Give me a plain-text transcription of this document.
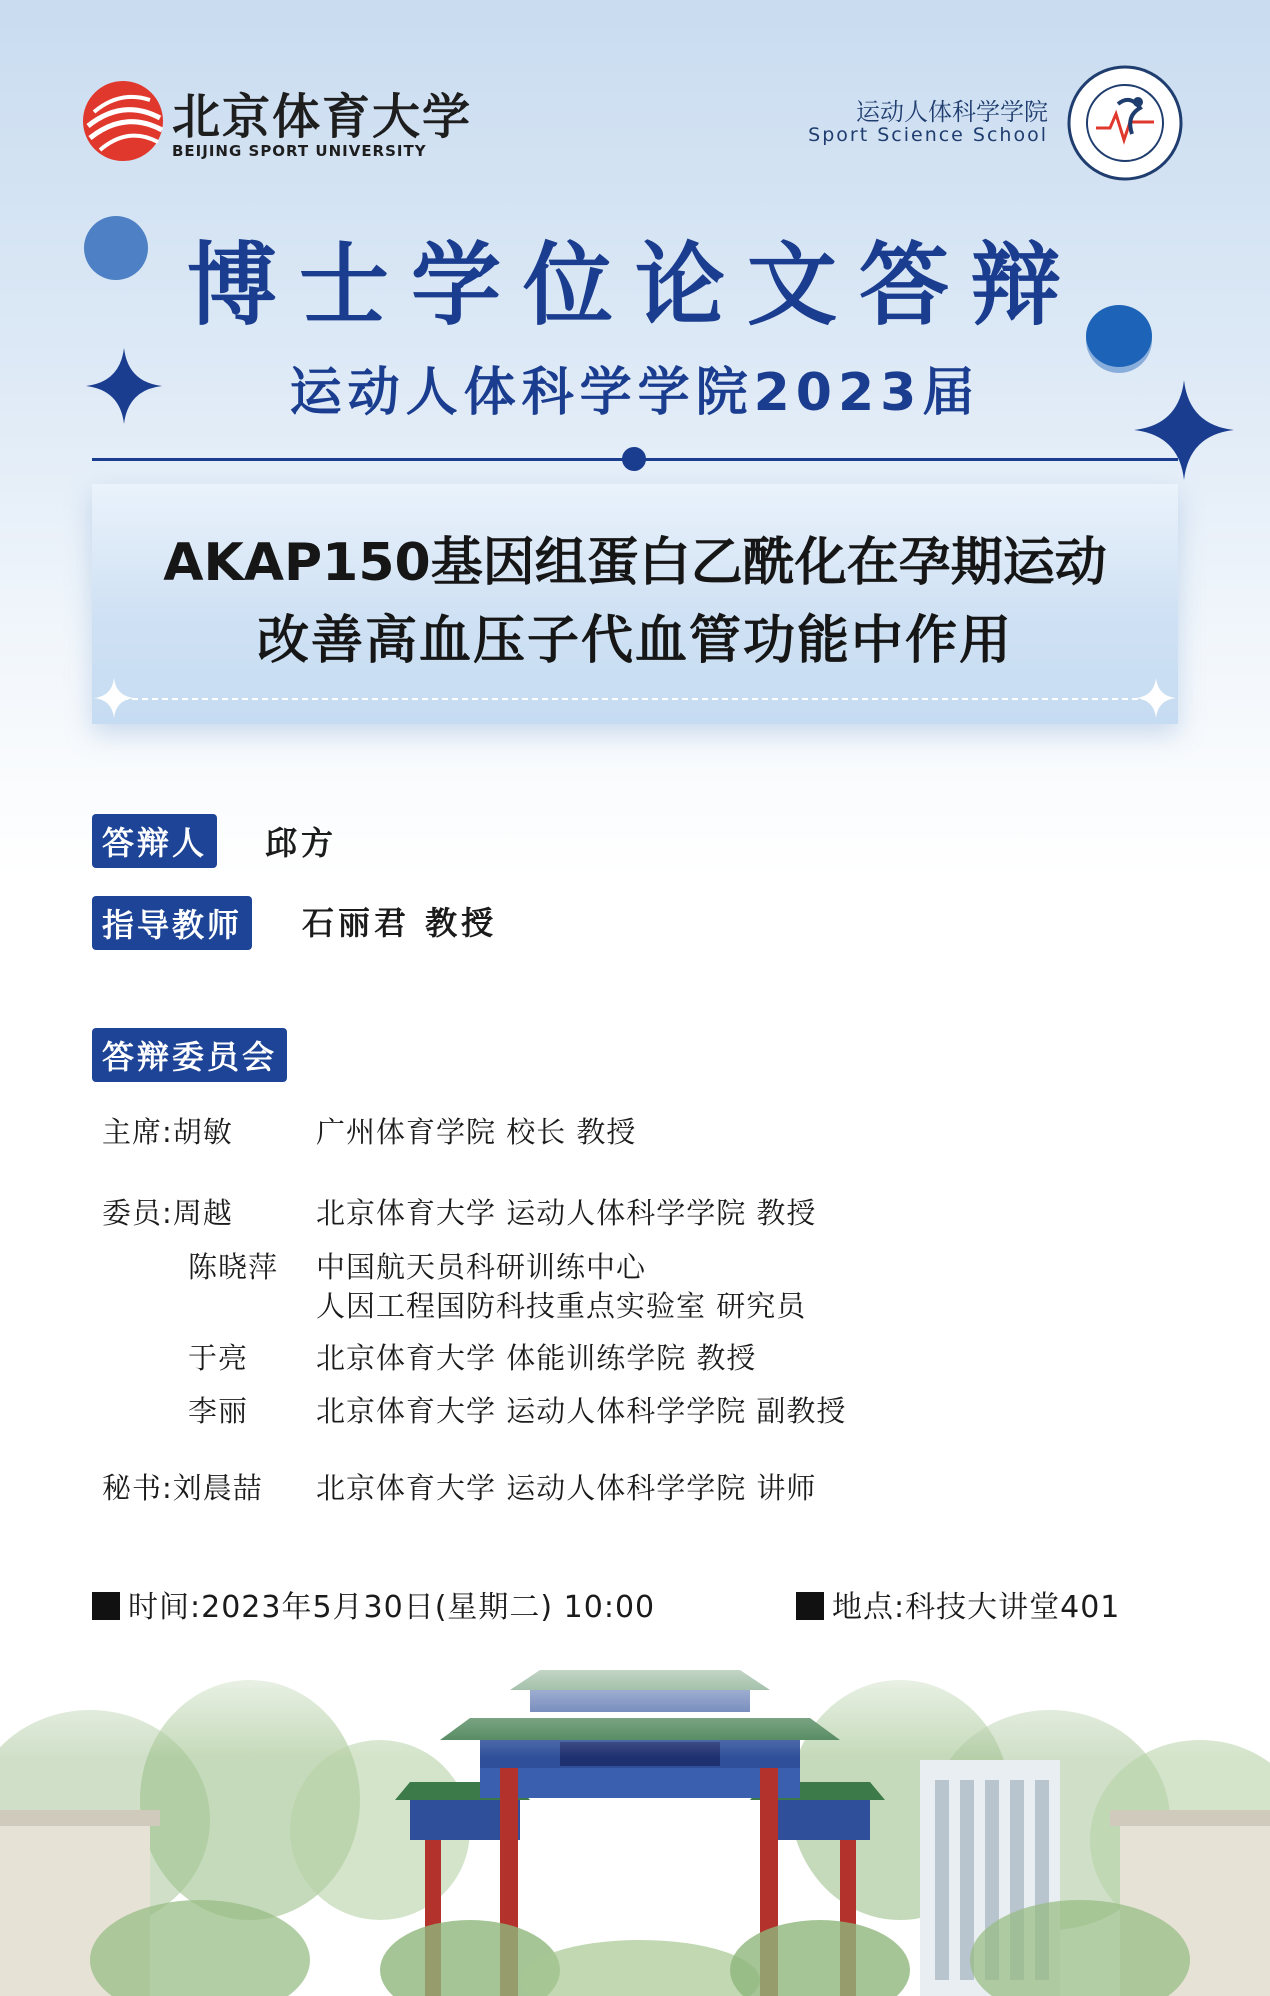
北京体育大学
BEIJING SPORT UNIVERSITY
运动人体科学学院
Sport Science School
博士学位论文答辩
运动人体科学学院2023届
AKAP150基因组蛋白乙酰化在孕期运动
改善高血压子代血管功能中作用
答辩人	邱方
指导教师	石丽君 教授
答辩委员会
主席:胡敏	广州体育学院 校长 教授
委员:周越	北京体育大学 运动人体科学学院 教授
陈晓萍 中国航天员科研训练中心
人因工程国防科技重点实验室 研究员
于亮 北京体育大学 体能训练学院 教授
李丽 北京体育大学 运动人体科学学院 副教授
秘书:刘晨喆 北京体育大学 运动人体科学学院 讲师
时间:2023年5月30日(星期二) 10:00	地点:科技大讲堂401
